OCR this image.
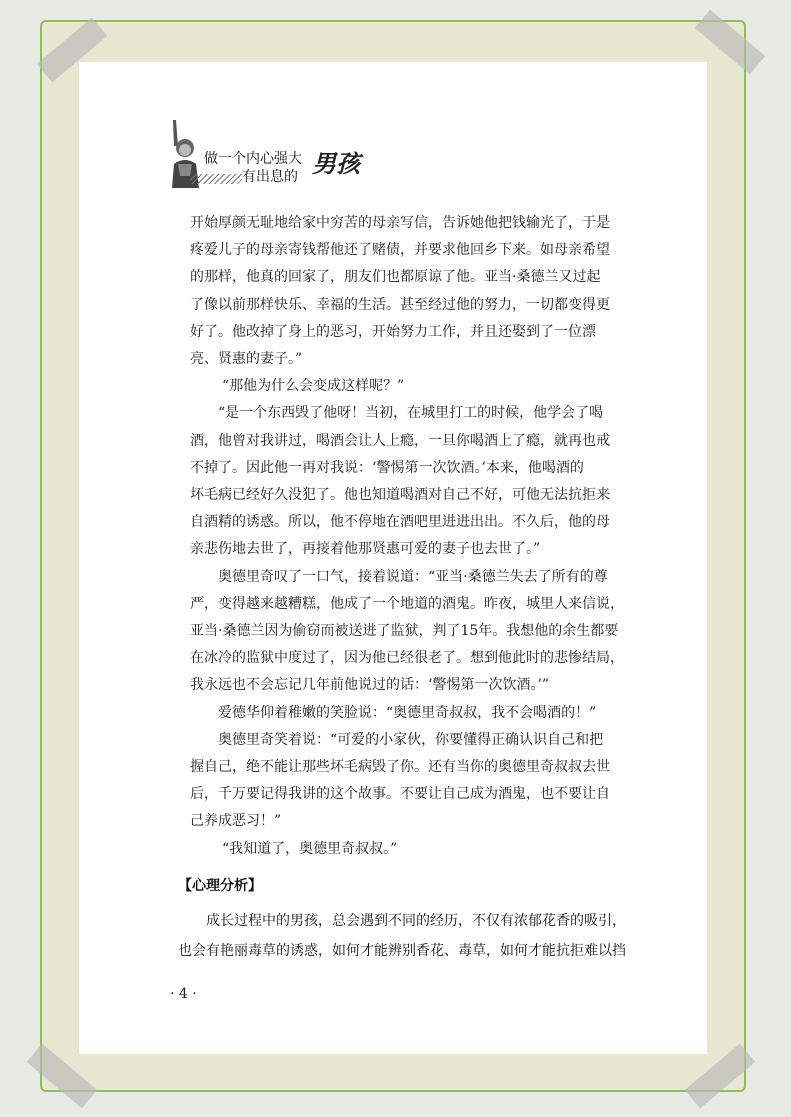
做一个内心强大
有出息的 男孩

开始厚颜无耻地给家中穷苦的母亲写信，告诉她他把钱输光了，于是
疼爱儿子的母亲寄钱帮他还了赌债，并要求他回乡下来。如母亲希望
的那样，他真的回家了，朋友们也都原谅了他。亚当·桑德兰又过起
了像以前那样快乐、幸福的生活。甚至经过他的努力，一切都变得更
好了。他改掉了身上的恶习，开始努力工作，并且还娶到了一位漂
亮、贤惠的妻子。”
“那他为什么会变成这样呢？”
“是一个东西毁了他呀！当初，在城里打工的时候，他学会了喝
酒，他曾对我讲过，喝酒会让人上瘾，一旦你喝酒上了瘾，就再也戒
不掉了。因此他一再对我说：‘警惕第一次饮酒。’本来，他喝酒的
坏毛病已经好久没犯了。他也知道喝酒对自己不好，可他无法抗拒来
自酒精的诱惑。所以，他不停地在酒吧里进进出出。不久后，他的母
亲悲伤地去世了，再接着他那贤惠可爱的妻子也去世了。”
奥德里奇叹了一口气，接着说道：“亚当·桑德兰失去了所有的尊
严，变得越来越糟糕，他成了一个地道的酒鬼。昨夜，城里人来信说，
亚当·桑德兰因为偷窃而被送进了监狱，判了15年。我想他的余生都要
在冰冷的监狱中度过了，因为他已经很老了。想到他此时的悲惨结局，
我永远也不会忘记几年前他说过的话：‘警惕第一次饮酒。’”
爱德华仰着稚嫩的笑脸说：“奥德里奇叔叔，我不会喝酒的！”
奥德里奇笑着说：“可爱的小家伙，你要懂得正确认识自己和把
握自己，绝不能让那些坏毛病毁了你。还有当你的奥德里奇叔叔去世
后，千万要记得我讲的这个故事。不要让自己成为酒鬼，也不要让自
己养成恶习！”
“我知道了，奥德里奇叔叔。”

【心理分析】

成长过程中的男孩，总会遇到不同的经历，不仅有浓郁花香的吸引，
也会有艳丽毒草的诱惑，如何才能辨别香花、毒草，如何才能抗拒难以挡
· 4 ·
